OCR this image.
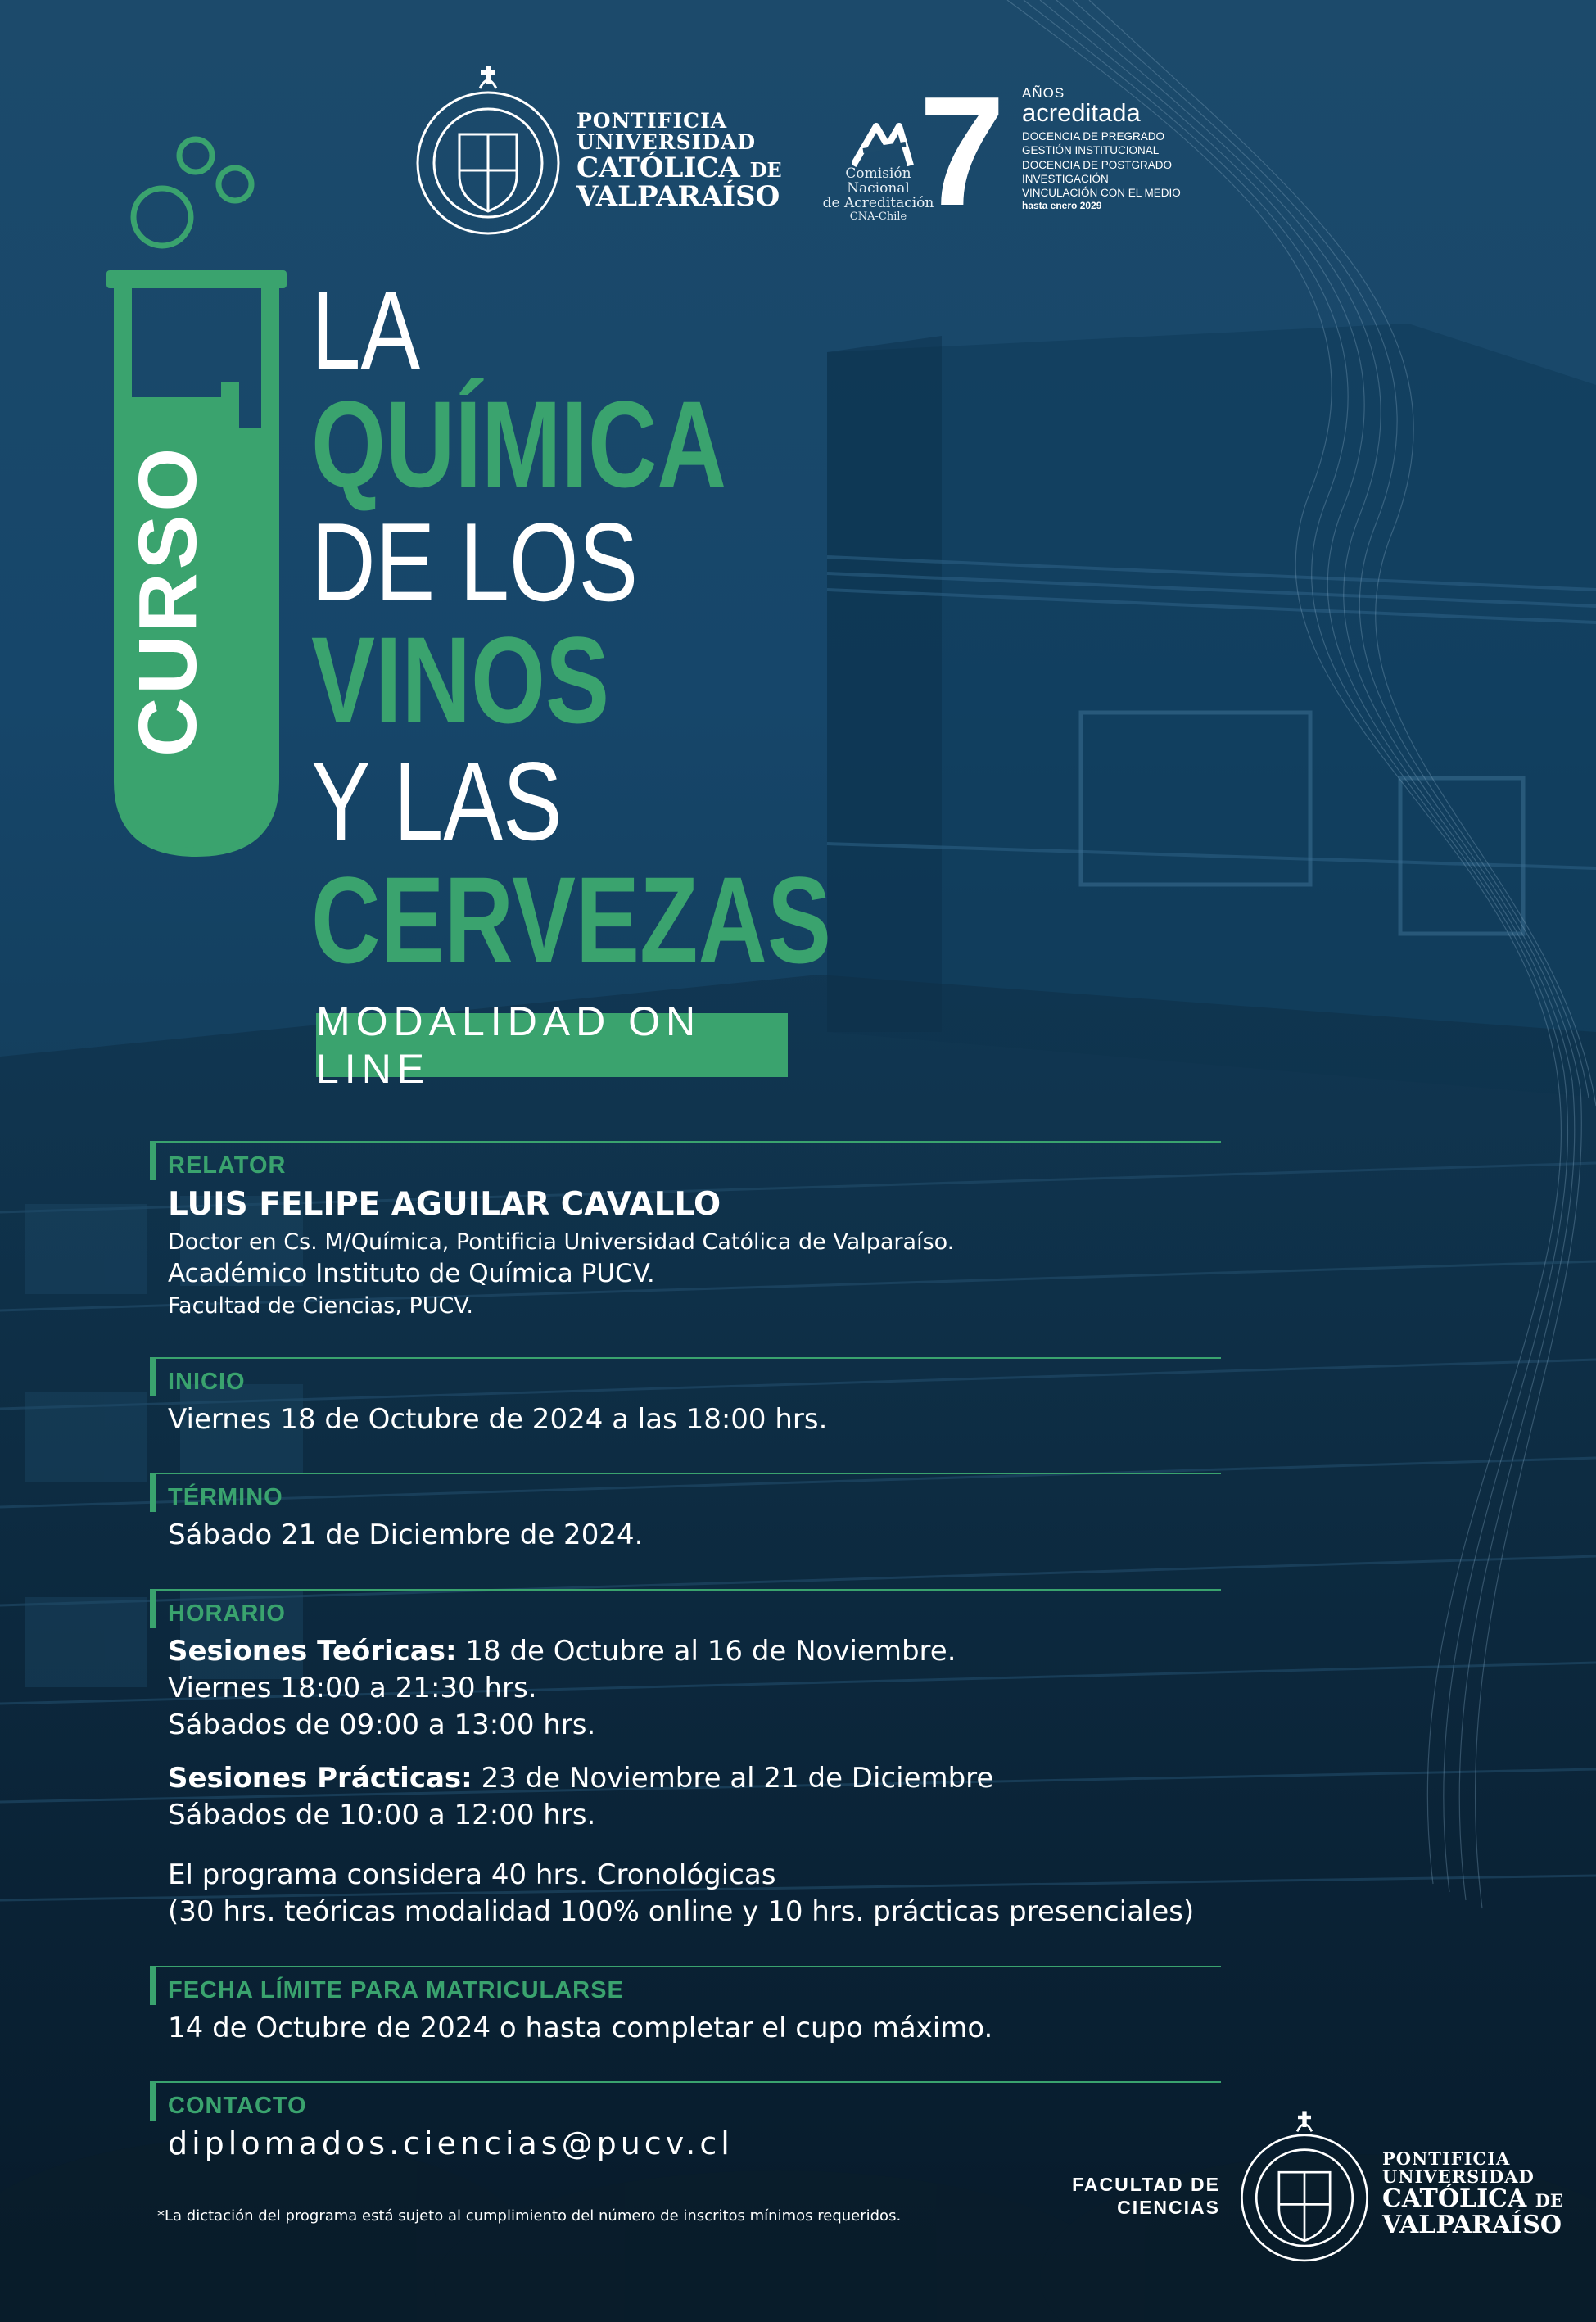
PONTIFICIA
UNIVERSIDAD
CATÓLICA DE
VALPARAÍSO
Comisión Nacional
de Acreditación
CNA-Chile 7 AÑOS
acreditada
DOCENCIA DE PREGRADO
GESTIÓN INSTITUCIONAL
DOCENCIA DE POSTGRADO
INVESTIGACIÓN
VINCULACIÓN CON EL MEDIO
hasta enero 2029
CURSO
LA
QUÍMICA
DE LOS
VINOS
Y LAS
CERVEZAS
MODALIDAD ON LINE
RELATOR
LUIS FELIPE AGUILAR CAVALLO
Doctor en Cs. M/Química, Pontificia Universidad Católica de Valparaíso.
Académico Instituto de Química PUCV.
Facultad de Ciencias, PUCV.
INICIO
Viernes 18 de Octubre de 2024 a las 18:00 hrs.
TÉRMINO
Sábado 21 de Diciembre de 2024.
HORARIO
Sesiones Teóricas: 18 de Octubre al 16 de Noviembre.
Viernes 18:00 a 21:30 hrs.
Sábados de 09:00 a 13:00 hrs.
Sesiones Prácticas: 23 de Noviembre al 21 de Diciembre
Sábados de 10:00 a 12:00 hrs.
El programa considera 40 hrs. Cronológicas
(30 hrs. teóricas modalidad 100% online y 10 hrs. prácticas presenciales)
FECHA LÍMITE PARA MATRICULARSE
14 de Octubre de 2024 o hasta completar el cupo máximo.
CONTACTO
diplomados.ciencias@pucv.cl
*La dictación del programa está sujeto al cumplimiento del número de inscritos mínimos requeridos.
FACULTAD DE
CIENCIAS
PONTIFICIA
UNIVERSIDAD
CATÓLICA DE
VALPARAÍSO
